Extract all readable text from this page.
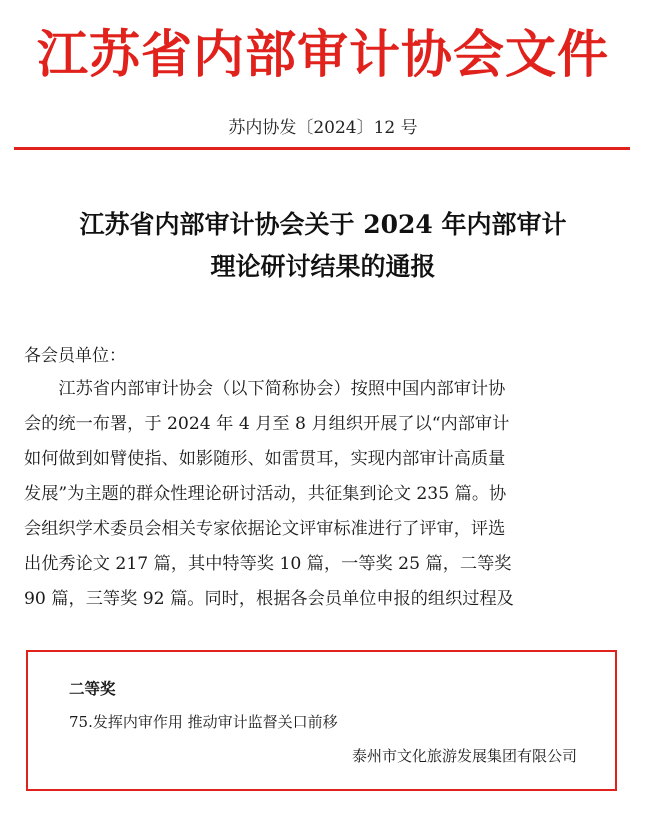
江苏省内部审计协会文件
苏内协发〔2024〕12 号
江苏省内部审计协会关于 2024 年内部审计
理论研讨结果的通报
各会员单位：
　　江苏省内部审计协会（以下简称协会）按照中国内部审计协
会的统一布署，于 2024 年 4 月至 8 月组织开展了以“内部审计
如何做到如臂使指、如影随形、如雷贯耳，实现内部审计高质量
发展”为主题的群众性理论研讨活动，共征集到论文 235 篇。协
会组织学术委员会相关专家依据论文评审标准进行了评审，评选
出优秀论文 217 篇，其中特等奖 10 篇，一等奖 25 篇，二等奖
90 篇，三等奖 92 篇。同时，根据各会员单位申报的组织过程及
二等奖
75.发挥内审作用 推动审计监督关口前移
泰州市文化旅游发展集团有限公司
